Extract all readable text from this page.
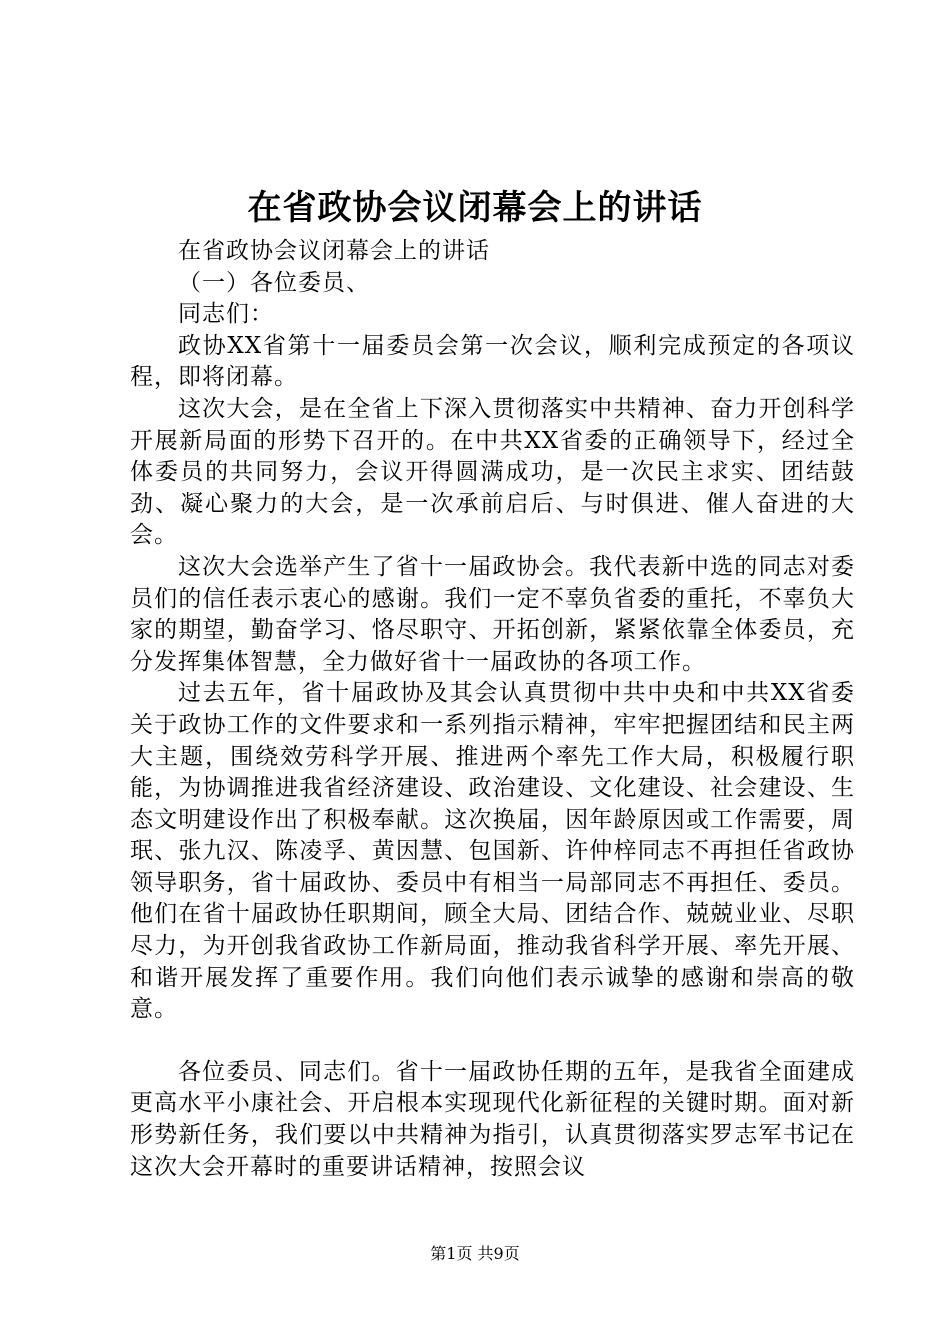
在省政协会议闭幕会上的讲话

在省政协会议闭幕会上的讲话

（一）各位委员、

同志们：

政协XX省第十一届委员会第一次会议，顺利完成预定的各项议程，即将闭幕。

这次大会，是在全省上下深入贯彻落实中共精神、奋力开创科学开展新局面的形势下召开的。在中共XX省委的正确领导下，经过全体委员的共同努力，会议开得圆满成功，是一次民主求实、团结鼓劲、凝心聚力的大会，是一次承前启后、与时俱进、催人奋进的大会。

这次大会选举产生了省十一届政协会。我代表新中选的同志对委员们的信任表示衷心的感谢。我们一定不辜负省委的重托，不辜负大家的期望，勤奋学习、恪尽职守、开拓创新，紧紧依靠全体委员，充分发挥集体智慧，全力做好省十一届政协的各项工作。

过去五年，省十届政协及其会认真贯彻中共中央和中共XX省委关于政协工作的文件要求和一系列指示精神，牢牢把握团结和民主两大主题，围绕效劳科学开展、推进两个率先工作大局，积极履行职能，为协调推进我省经济建设、政治建设、文化建设、社会建设、生态文明建设作出了积极奉献。这次换届，因年龄原因或工作需要，周珉、张九汉、陈凌孚、黄因慧、包国新、许仲梓同志不再担任省政协领导职务，省十届政协、委员中有相当一局部同志不再担任、委员。他们在省十届政协任职期间，顾全大局、团结合作、兢兢业业、尽职尽力，为开创我省政协工作新局面，推动我省科学开展、率先开展、和谐开展发挥了重要作用。我们向他们表示诚挚的感谢和崇高的敬意。

各位委员、同志们。省十一届政协任期的五年，是我省全面建成更高水平小康社会、开启根本实现现代化新征程的关键时期。面对新形势新任务，我们要以中共精神为指引，认真贯彻落实罗志军书记在这次大会开幕时的重要讲话精神，按照会议

第1页 共9页
